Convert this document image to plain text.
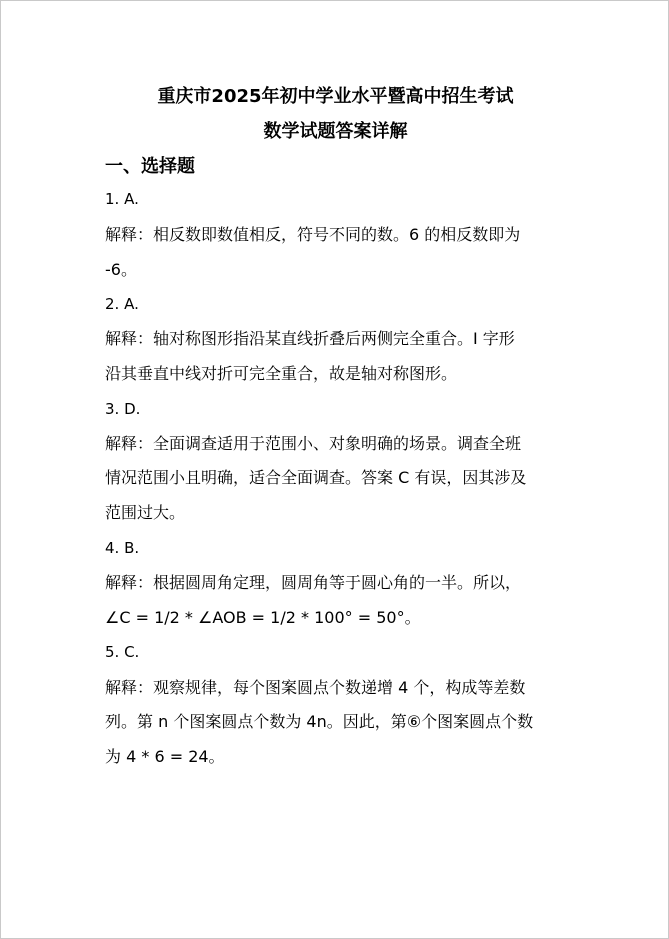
重庆市2025年初中学业水平暨高中招生考试
数学试题答案详解
一、选择题
1. A.
解释：相反数即数值相反，符号不同的数。6 的相反数即为
-6。
2. A.
解释：轴对称图形指沿某直线折叠后两侧完全重合。I 字形
沿其垂直中线对折可完全重合，故是轴对称图形。
3. D.
解释：全面调查适用于范围小、对象明确的场景。调查全班
情况范围小且明确，适合全面调查。答案 C 有误，因其涉及
范围过大。
4. B.
解释：根据圆周角定理，圆周角等于圆心角的一半。所以，
∠C = 1/2 * ∠AOB = 1/2 * 100° = 50°。
5. C.
解释：观察规律，每个图案圆点个数递增 4 个，构成等差数
列。第 n 个图案圆点个数为 4n。因此，第⑥个图案圆点个数
为 4 * 6 = 24。
